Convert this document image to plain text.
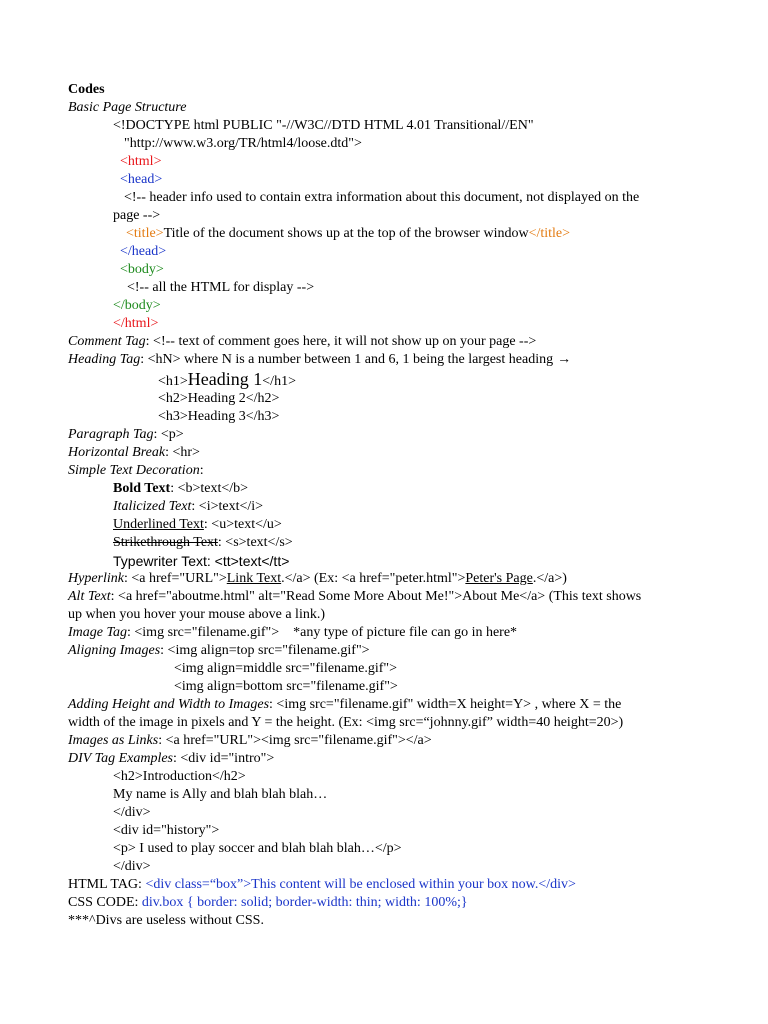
Codes
Basic Page Structure
<!DOCTYPE html PUBLIC "-//W3C//DTD HTML 4.01 Transitional//EN"
"http://www.w3.org/TR/html4/loose.dtd">
<html>
<head>
<!-- header info used to contain extra information about this document, not displayed on the
page -->
<title>Title of the document shows up at the top of the browser window</title>
</head>
<body>
<!-- all the HTML for display -->
</body>
</html>
Comment Tag: <!-- text of comment goes here, it will not show up on your page -->
Heading Tag: <hN> where N is a number between 1 and 6, 1 being the largest heading →
<h1>Heading 1</h1>
<h2>Heading 2</h2>
<h3>Heading 3</h3>
Paragraph Tag: <p>
Horizontal Break: <hr>
Simple Text Decoration:
Bold Text: <b>text</b>
Italicized Text: <i>text</i>
Underlined Text: <u>text</u>
Strikethrough Text: <s>text</s>
Typewriter Text: <tt>text</tt>
Hyperlink: <a href="URL">Link Text.</a> (Ex: <a href="peter.html">Peter's Page.</a>)
Alt Text: <a href="aboutme.html" alt="Read Some More About Me!">About Me</a> (This text shows
up when you hover your mouse above a link.)
Image Tag: <img src="filename.gif">    *any type of picture file can go in here*
Aligning Images: <img align=top src="filename.gif">
<img align=middle src="filename.gif">
<img align=bottom src="filename.gif">
Adding Height and Width to Images: <img src="filename.gif" width=X height=Y> , where X = the
width of the image in pixels and Y = the height. (Ex: <img src=“johnny.gif” width=40 height=20>)
Images as Links: <a href="URL"><img src="filename.gif"></a>
DIV Tag Examples: <div id="intro">
<h2>Introduction</h2>
My name is Ally and blah blah blah…
</div>
<div id="history">
<p> I used to play soccer and blah blah blah…</p>
</div>
HTML TAG: <div class=“box”>This content will be enclosed within your box now.</div>
CSS CODE: div.box { border: solid; border-width: thin; width: 100%;}
***^Divs are useless without CSS.
